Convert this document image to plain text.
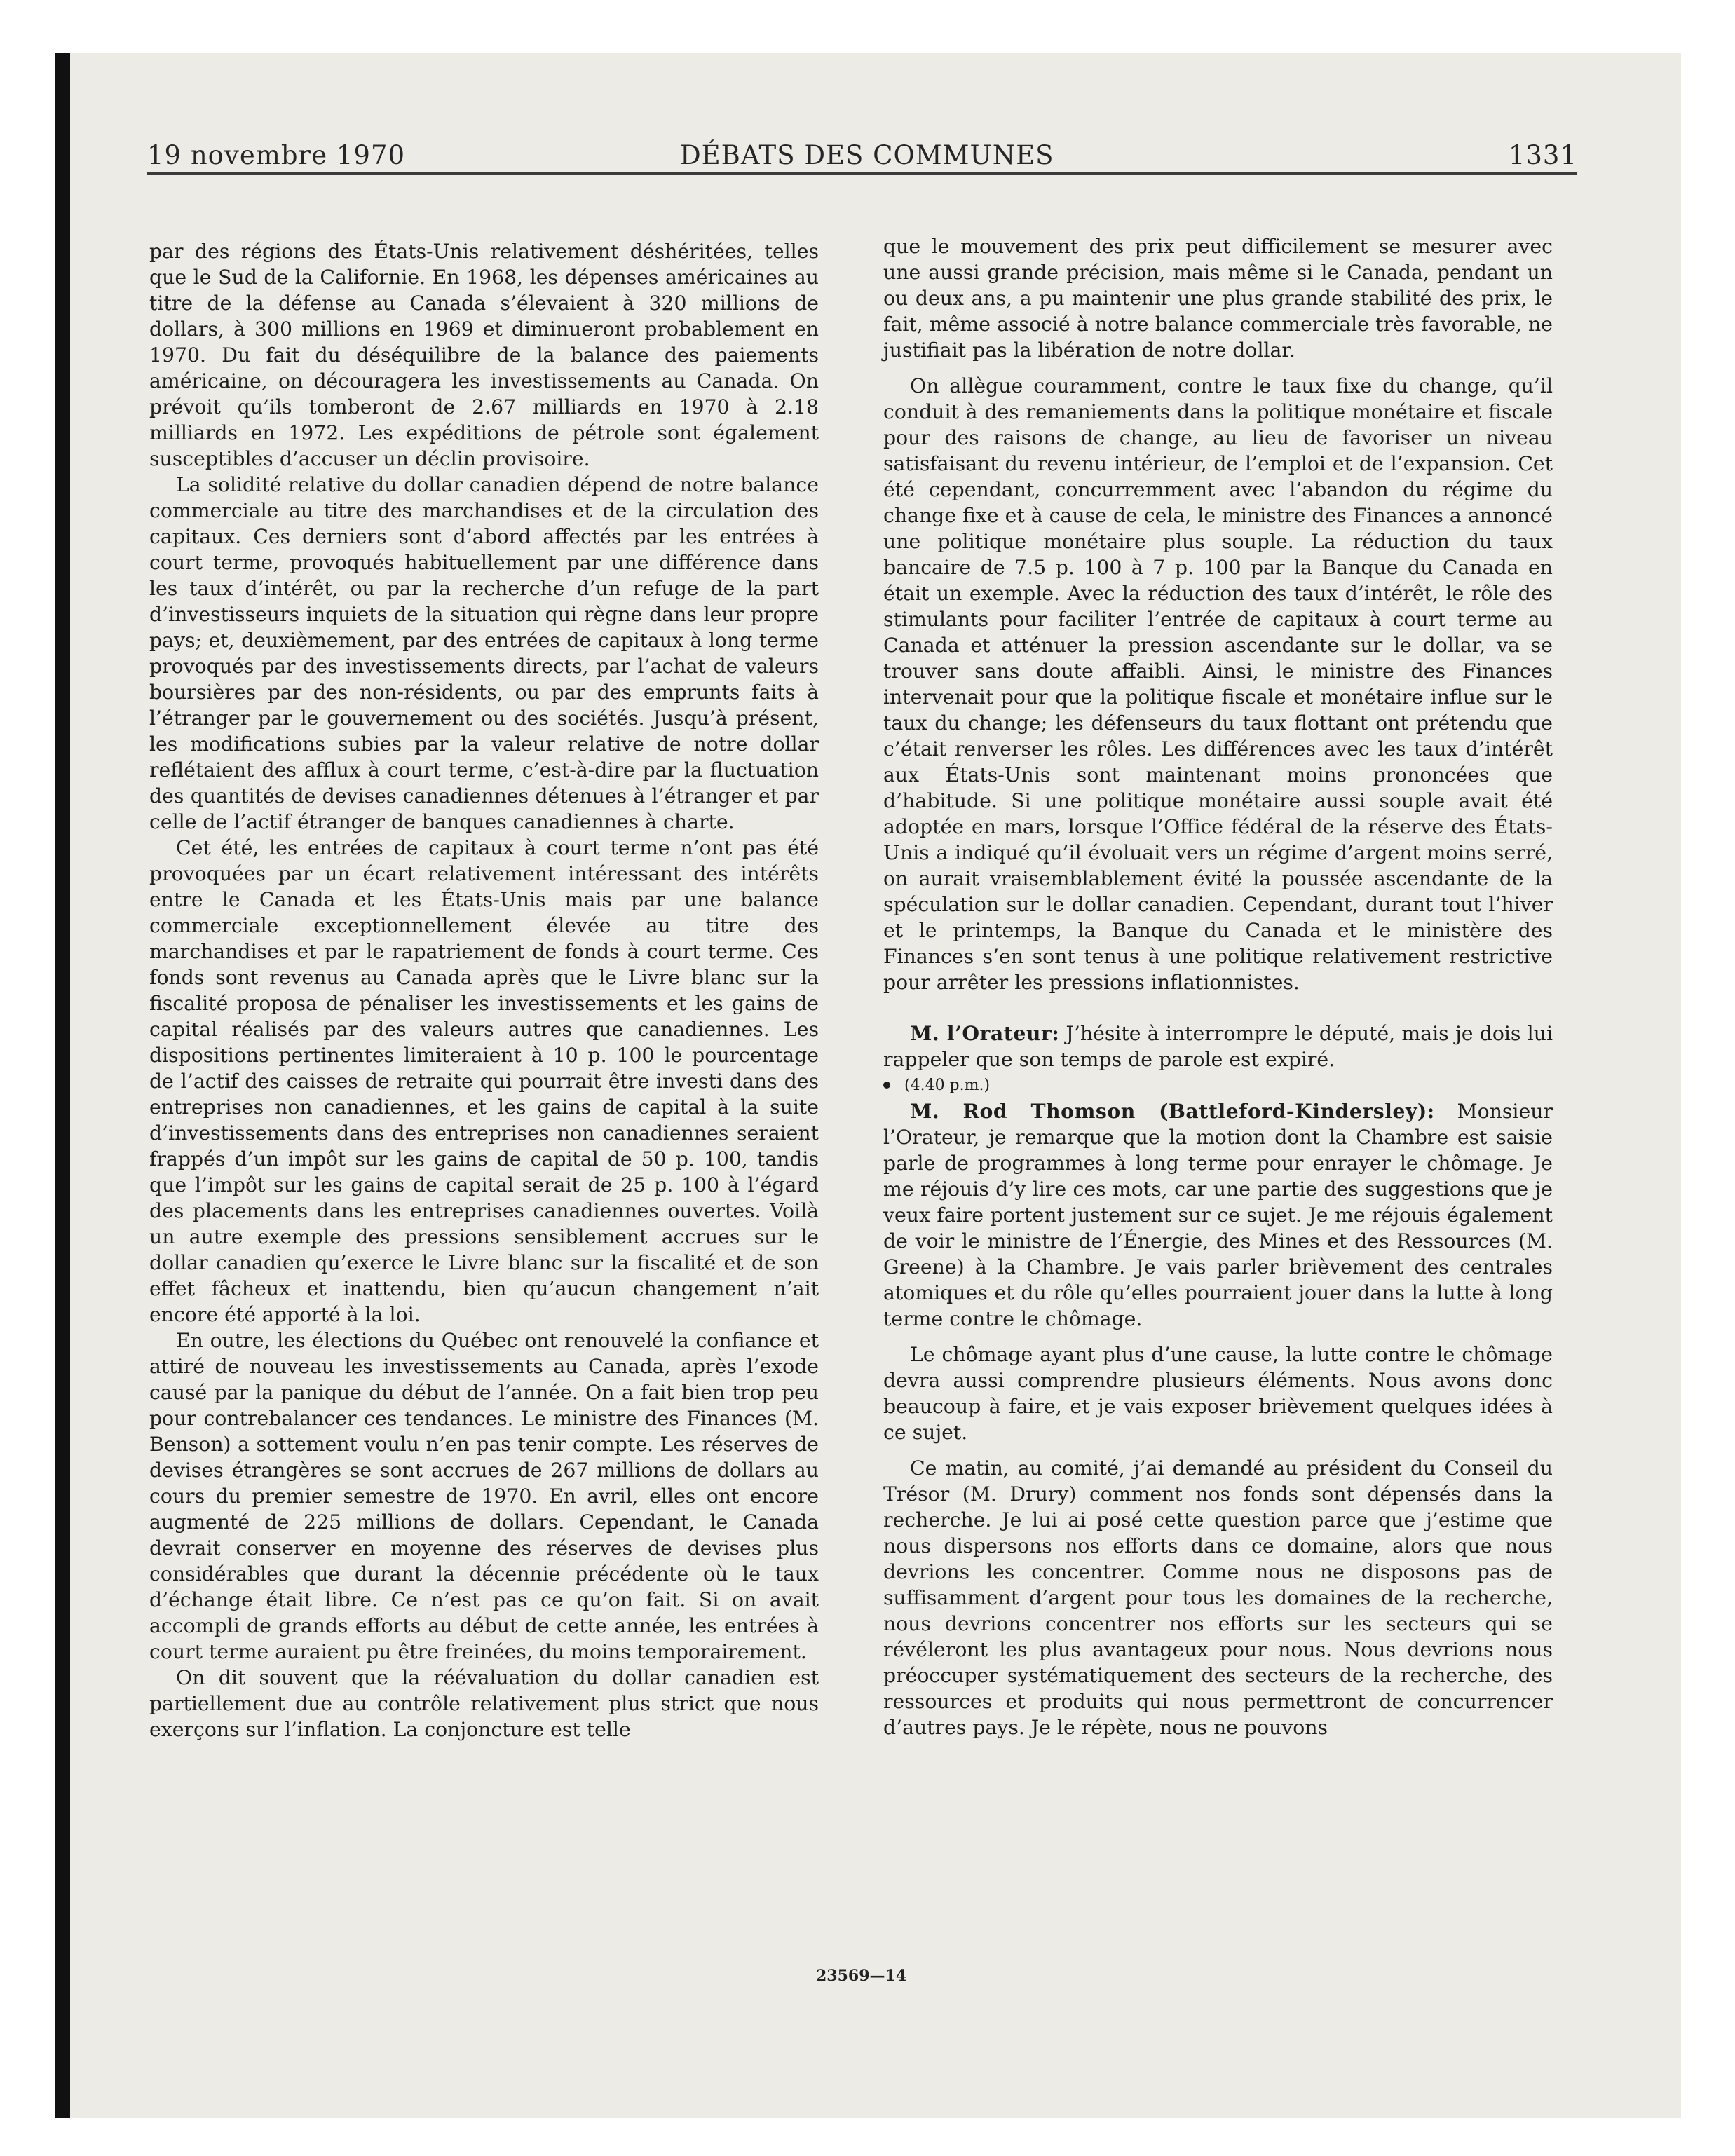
19 novembre 1970	DÉBATS DES COMMUNES	1331

par des régions des États-Unis relativement déshéritées, telles que le Sud de la Californie. En 1968, les dépenses américaines au titre de la défense au Canada s’élevaient à 320 millions de dollars, à 300 millions en 1969 et diminueront probablement en 1970. Du fait du déséquilibre de la balance des paiements américaine, on découragera les investissements au Canada. On prévoit qu’ils tomberont de 2.67 milliards en 1970 à 2.18 milliards en 1972. Les expéditions de pétrole sont également susceptibles d’accuser un déclin provisoire.

La solidité relative du dollar canadien dépend de notre balance commerciale au titre des marchandises et de la circulation des capitaux. Ces derniers sont d’abord affectés par les entrées à court terme, provoqués habituellement par une différence dans les taux d’intérêt, ou par la recherche d’un refuge de la part d’investisseurs inquiets de la situation qui règne dans leur propre pays; et, deuxièmement, par des entrées de capitaux à long terme provoqués par des investissements directs, par l’achat de valeurs boursières par des non-résidents, ou par des emprunts faits à l’étranger par le gouvernement ou des sociétés. Jusqu’à présent, les modifications subies par la valeur relative de notre dollar reflétaient des afflux à court terme, c’est-à-dire par la fluctuation des quantités de devises canadiennes détenues à l’étranger et par celle de l’actif étranger de banques canadiennes à charte.

Cet été, les entrées de capitaux à court terme n’ont pas été provoquées par un écart relativement intéressant des intérêts entre le Canada et les États-Unis mais par une balance commerciale exceptionnellement élevée au titre des marchandises et par le rapatriement de fonds à court terme. Ces fonds sont revenus au Canada après que le Livre blanc sur la fiscalité proposa de pénaliser les investissements et les gains de capital réalisés par des valeurs autres que canadiennes. Les dispositions pertinentes limiteraient à 10 p. 100 le pourcentage de l’actif des caisses de retraite qui pourrait être investi dans des entreprises non canadiennes, et les gains de capital à la suite d’investissements dans des entreprises non canadiennes seraient frappés d’un impôt sur les gains de capital de 50 p. 100, tandis que l’impôt sur les gains de capital serait de 25 p. 100 à l’égard des placements dans les entreprises canadiennes ouvertes. Voilà un autre exemple des pressions sensiblement accrues sur le dollar canadien qu’exerce le Livre blanc sur la fiscalité et de son effet fâcheux et inattendu, bien qu’aucun changement n’ait encore été apporté à la loi.

En outre, les élections du Québec ont renouvelé la confiance et attiré de nouveau les investissements au Canada, après l’exode causé par la panique du début de l’année. On a fait bien trop peu pour contrebalancer ces tendances. Le ministre des Finances (M. Benson) a sottement voulu n’en pas tenir compte. Les réserves de devises étrangères se sont accrues de 267 millions de dollars au cours du premier semestre de 1970. En avril, elles ont encore augmenté de 225 millions de dollars. Cependant, le Canada devrait conserver en moyenne des réserves de devises plus considérables que durant la décennie précédente où le taux d’échange était libre. Ce n’est pas ce qu’on fait. Si on avait accompli de grands efforts au début de cette année, les entrées à court terme auraient pu être freinées, du moins temporairement.

On dit souvent que la réévaluation du dollar canadien est partiellement due au contrôle relativement plus strict que nous exerçons sur l’inflation. La conjoncture est telle

que le mouvement des prix peut difficilement se mesurer avec une aussi grande précision, mais même si le Canada, pendant un ou deux ans, a pu maintenir une plus grande stabilité des prix, le fait, même associé à notre balance commerciale très favorable, ne justifiait pas la libération de notre dollar.

On allègue couramment, contre le taux fixe du change, qu’il conduit à des remaniements dans la politique monétaire et fiscale pour des raisons de change, au lieu de favoriser un niveau satisfaisant du revenu intérieur, de l’emploi et de l’expansion. Cet été cependant, concurremment avec l’abandon du régime du change fixe et à cause de cela, le ministre des Finances a annoncé une politique monétaire plus souple. La réduction du taux bancaire de 7.5 p. 100 à 7 p. 100 par la Banque du Canada en était un exemple. Avec la réduction des taux d’intérêt, le rôle des stimulants pour faciliter l’entrée de capitaux à court terme au Canada et atténuer la pression ascendante sur le dollar, va se trouver sans doute affaibli. Ainsi, le ministre des Finances intervenait pour que la politique fiscale et monétaire influe sur le taux du change; les défenseurs du taux flottant ont prétendu que c’était renverser les rôles. Les différences avec les taux d’intérêt aux États-Unis sont maintenant moins prononcées que d’habitude. Si une politique monétaire aussi souple avait été adoptée en mars, lorsque l’Office fédéral de la réserve des États-Unis a indiqué qu’il évoluait vers un régime d’argent moins serré, on aurait vraisemblablement évité la poussée ascendante de la spéculation sur le dollar canadien. Cependant, durant tout l’hiver et le printemps, la Banque du Canada et le ministère des Finances s’en sont tenus à une politique relativement restrictive pour arrêter les pressions inflationnistes.

M. l’Orateur: J’hésite à interrompre le député, mais je dois lui rappeler que son temps de parole est expiré.

(4.40 p.m.)

M. Rod Thomson (Battleford-Kindersley): Monsieur l’Orateur, je remarque que la motion dont la Chambre est saisie parle de programmes à long terme pour enrayer le chômage. Je me réjouis d’y lire ces mots, car une partie des suggestions que je veux faire portent justement sur ce sujet. Je me réjouis également de voir le ministre de l’Énergie, des Mines et des Ressources (M. Greene) à la Chambre. Je vais parler brièvement des centrales atomiques et du rôle qu’elles pourraient jouer dans la lutte à long terme contre le chômage.

Le chômage ayant plus d’une cause, la lutte contre le chômage devra aussi comprendre plusieurs éléments. Nous avons donc beaucoup à faire, et je vais exposer brièvement quelques idées à ce sujet.

Ce matin, au comité, j’ai demandé au président du Conseil du Trésor (M. Drury) comment nos fonds sont dépensés dans la recherche. Je lui ai posé cette question parce que j’estime que nous dispersons nos efforts dans ce domaine, alors que nous devrions les concentrer. Comme nous ne disposons pas de suffisamment d’argent pour tous les domaines de la recherche, nous devrions concentrer nos efforts sur les secteurs qui se révéleront les plus avantageux pour nous. Nous devrions nous préoccuper systématiquement des secteurs de la recherche, des ressources et produits qui nous permettront de concurrencer d’autres pays. Je le répète, nous ne pouvons

23569—14
